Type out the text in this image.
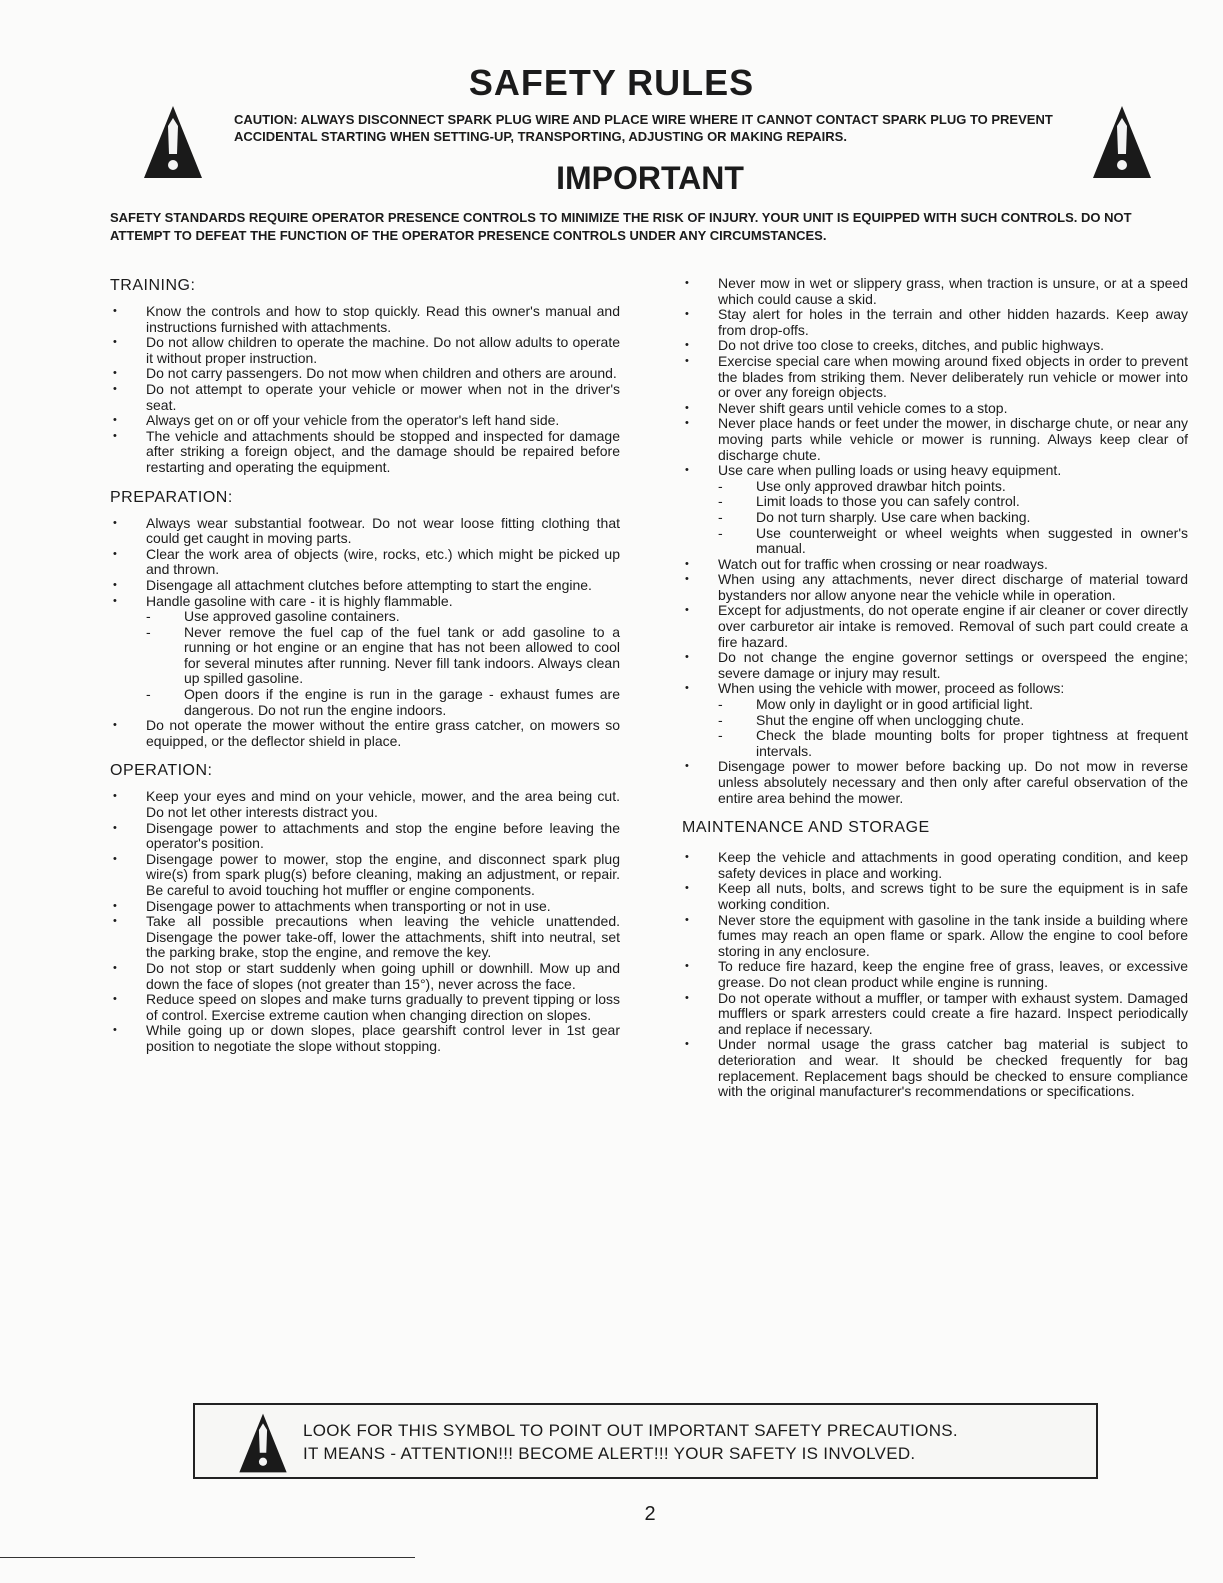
SAFETY RULES
CAUTION: ALWAYS DISCONNECT SPARK PLUG WIRE AND PLACE WIRE WHERE IT CANNOT CONTACT SPARK PLUG TO PREVENT ACCIDENTAL STARTING WHEN SETTING-UP, TRANSPORTING, ADJUSTING OR MAKING REPAIRS.
IMPORTANT
SAFETY STANDARDS REQUIRE OPERATOR PRESENCE CONTROLS TO MINIMIZE THE RISK OF INJURY. YOUR UNIT IS EQUIPPED WITH SUCH CONTROLS. DO NOT ATTEMPT TO DEFEAT THE FUNCTION OF THE OPERATOR PRESENCE CONTROLS UNDER ANY CIRCUMSTANCES.
TRAINING:
• Know the controls and how to stop quickly. Read this owner's manual and instructions furnished with attachments.
• Do not allow children to operate the machine. Do not allow adults to operate it without proper instruction.
• Do not carry passengers. Do not mow when children and others are around.
• Do not attempt to operate your vehicle or mower when not in the driver's seat.
• Always get on or off your vehicle from the operator's left hand side.
• The vehicle and attachments should be stopped and inspected for damage after striking a foreign object, and the damage should be repaired before restarting and operating the equipment.
PREPARATION:
• Always wear substantial footwear. Do not wear loose fitting clothing that could get caught in moving parts.
• Clear the work area of objects (wire, rocks, etc.) which might be picked up and thrown.
• Disengage all attachment clutches before attempting to start the engine.
• Handle gasoline with care - it is highly flammable.
- Use approved gasoline containers.
- Never remove the fuel cap of the fuel tank or add gasoline to a running or hot engine or an engine that has not been allowed to cool for several minutes after running. Never fill tank indoors. Always clean up spilled gasoline.
- Open doors if the engine is run in the garage - exhaust fumes are dangerous. Do not run the engine indoors.
• Do not operate the mower without the entire grass catcher, on mowers so equipped, or the deflector shield in place.
OPERATION:
• Keep your eyes and mind on your vehicle, mower, and the area being cut. Do not let other interests distract you.
• Disengage power to attachments and stop the engine before leaving the operator's position.
• Disengage power to mower, stop the engine, and disconnect spark plug wire(s) from spark plug(s) before cleaning, making an adjustment, or repair. Be careful to avoid touching hot muffler or engine components.
• Disengage power to attachments when transporting or not in use.
• Take all possible precautions when leaving the vehicle unattended. Disengage the power take-off, lower the attachments, shift into neutral, set the parking brake, stop the engine, and remove the key.
• Do not stop or start suddenly when going uphill or downhill. Mow up and down the face of slopes (not greater than 15°), never across the face.
• Reduce speed on slopes and make turns gradually to prevent tipping or loss of control. Exercise extreme caution when changing direction on slopes.
• While going up or down slopes, place gearshift control lever in 1st gear position to negotiate the slope without stopping.
• Never mow in wet or slippery grass, when traction is unsure, or at a speed which could cause a skid.
• Stay alert for holes in the terrain and other hidden hazards. Keep away from drop-offs.
• Do not drive too close to creeks, ditches, and public highways.
• Exercise special care when mowing around fixed objects in order to prevent the blades from striking them. Never deliberately run vehicle or mower into or over any foreign objects.
• Never shift gears until vehicle comes to a stop.
• Never place hands or feet under the mower, in discharge chute, or near any moving parts while vehicle or mower is running. Always keep clear of discharge chute.
• Use care when pulling loads or using heavy equipment.
- Use only approved drawbar hitch points.
- Limit loads to those you can safely control.
- Do not turn sharply. Use care when backing.
- Use counterweight or wheel weights when suggested in owner's manual.
• Watch out for traffic when crossing or near roadways.
• When using any attachments, never direct discharge of material toward bystanders nor allow anyone near the vehicle while in operation.
• Except for adjustments, do not operate engine if air cleaner or cover directly over carburetor air intake is removed. Removal of such part could create a fire hazard.
• Do not change the engine governor settings or overspeed the engine; severe damage or injury may result.
• When using the vehicle with mower, proceed as follows:
- Mow only in daylight or in good artificial light.
- Shut the engine off when unclogging chute.
- Check the blade mounting bolts for proper tightness at frequent intervals.
• Disengage power to mower before backing up. Do not mow in reverse unless absolutely necessary and then only after careful observation of the entire area behind the mower.
MAINTENANCE AND STORAGE
• Keep the vehicle and attachments in good operating condition, and keep safety devices in place and working.
• Keep all nuts, bolts, and screws tight to be sure the equipment is in safe working condition.
• Never store the equipment with gasoline in the tank inside a building where fumes may reach an open flame or spark. Allow the engine to cool before storing in any enclosure.
• To reduce fire hazard, keep the engine free of grass, leaves, or excessive grease. Do not clean product while engine is running.
• Do not operate without a muffler, or tamper with exhaust system. Damaged mufflers or spark arresters could create a fire hazard. Inspect periodically and replace if necessary.
• Under normal usage the grass catcher bag material is subject to deterioration and wear. It should be checked frequently for bag replacement. Replacement bags should be checked to ensure compliance with the original manufacturer's recommendations or specifications.
LOOK FOR THIS SYMBOL TO POINT OUT IMPORTANT SAFETY PRECAUTIONS.
IT MEANS - ATTENTION!!! BECOME ALERT!!! YOUR SAFETY IS INVOLVED.
2
